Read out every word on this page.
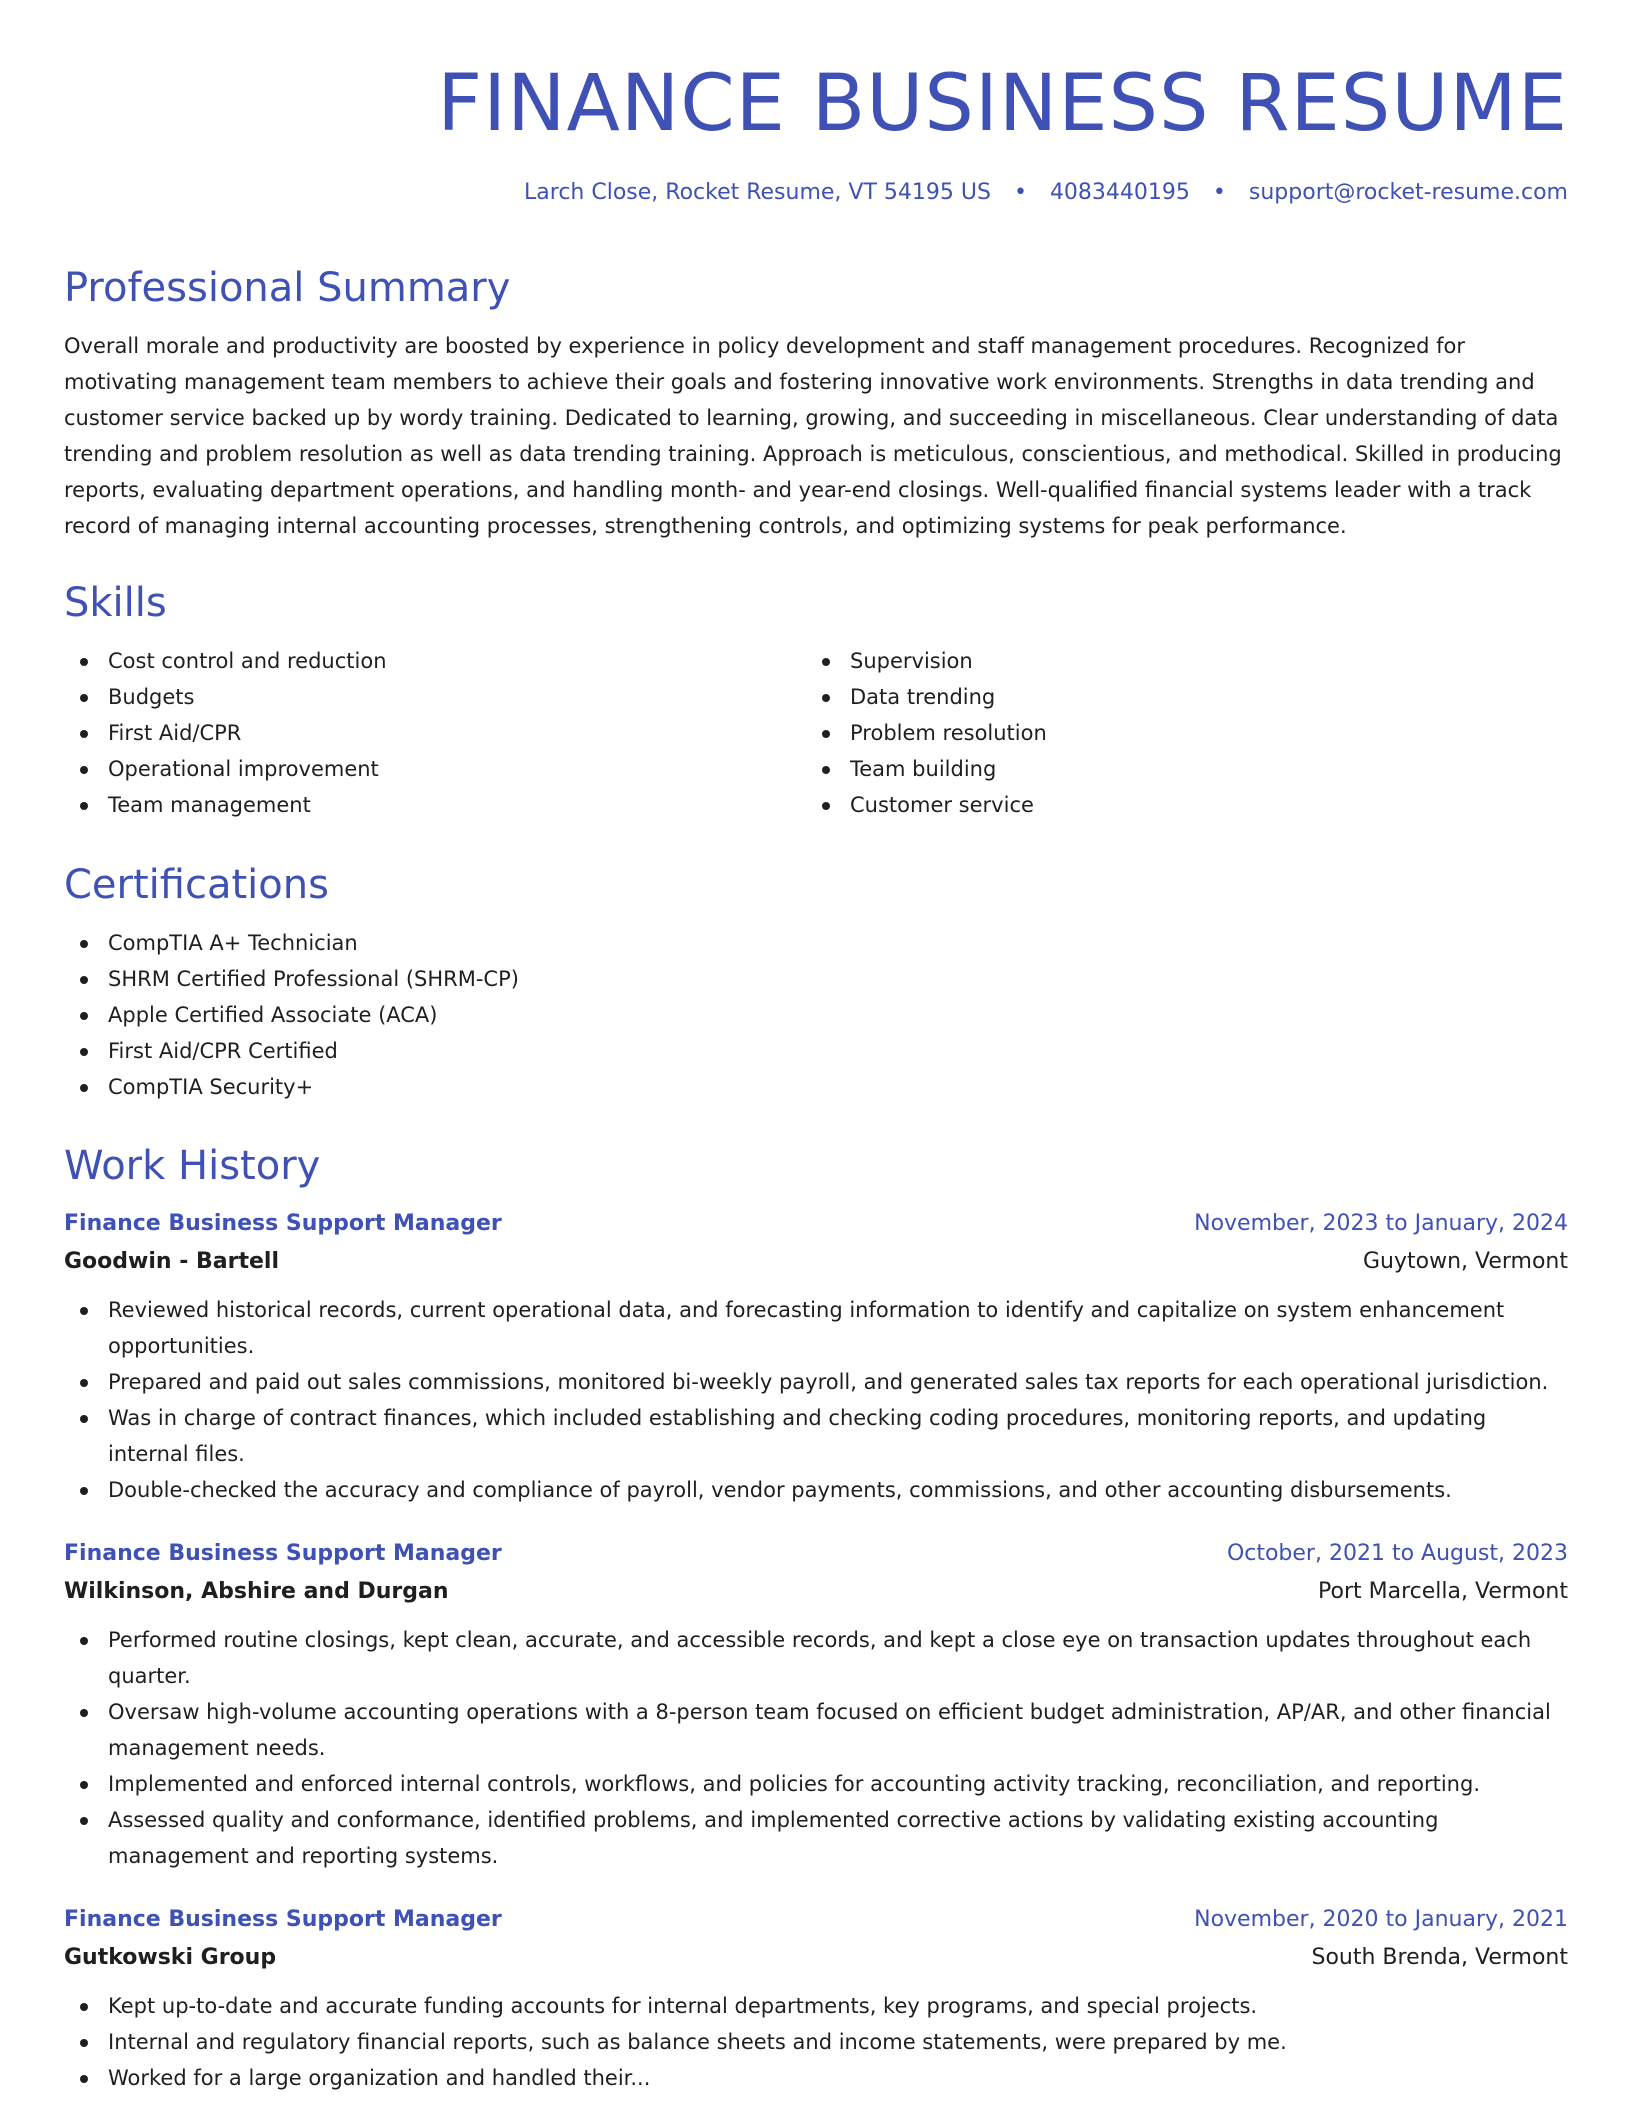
FINANCE BUSINESS RESUME
Larch Close, Rocket Resume, VT 54195 US • 4083440195 • support@rocket-resume.com
Professional Summary

Overall morale and productivity are boosted by experience in policy development and staff management procedures. Recognized for motivating management team members to achieve their goals and fostering innovative work environments. Strengths in data trending and customer service backed up by wordy training. Dedicated to learning, growing, and succeeding in miscellaneous. Clear understanding of data trending and problem resolution as well as data trending training. Approach is meticulous, conscientious, and methodical. Skilled in producing reports, evaluating department operations, and handling month- and year-end closings. Well-qualified financial systems leader with a track record of managing internal accounting processes, strengthening controls, and optimizing systems for peak performance.

Skills
Cost control and reduction
Budgets
First Aid/CPR
Operational improvement
Team management
Supervision
Data trending
Problem resolution
Team building
Customer service
Certifications
CompTIA A+ Technician
SHRM Certified Professional (SHRM-CP)
Apple Certified Associate (ACA)
First Aid/CPR Certified
CompTIA Security+
Work History
Finance Business Support Manager	November, 2023 to January, 2024
Goodwin - Bartell	Guytown, Vermont
Reviewed historical records, current operational data, and forecasting information to identify and capitalize on system enhancement opportunities.
Prepared and paid out sales commissions, monitored bi-weekly payroll, and generated sales tax reports for each operational jurisdiction.
Was in charge of contract finances, which included establishing and checking coding procedures, monitoring reports, and updating internal files.
Double-checked the accuracy and compliance of payroll, vendor payments, commissions, and other accounting disbursements.
Finance Business Support Manager	October, 2021 to August, 2023
Wilkinson, Abshire and Durgan	Port Marcella, Vermont
Performed routine closings, kept clean, accurate, and accessible records, and kept a close eye on transaction updates throughout each quarter.
Oversaw high-volume accounting operations with a 8-person team focused on efficient budget administration, AP/AR, and other financial management needs.
Implemented and enforced internal controls, workflows, and policies for accounting activity tracking, reconciliation, and reporting.
Assessed quality and conformance, identified problems, and implemented corrective actions by validating existing accounting management and reporting systems.
Finance Business Support Manager	November, 2020 to January, 2021
Gutkowski Group	South Brenda, Vermont
Kept up-to-date and accurate funding accounts for internal departments, key programs, and special projects.
Internal and regulatory financial reports, such as balance sheets and income statements, were prepared by me.
Worked for a large organization and handled their...
